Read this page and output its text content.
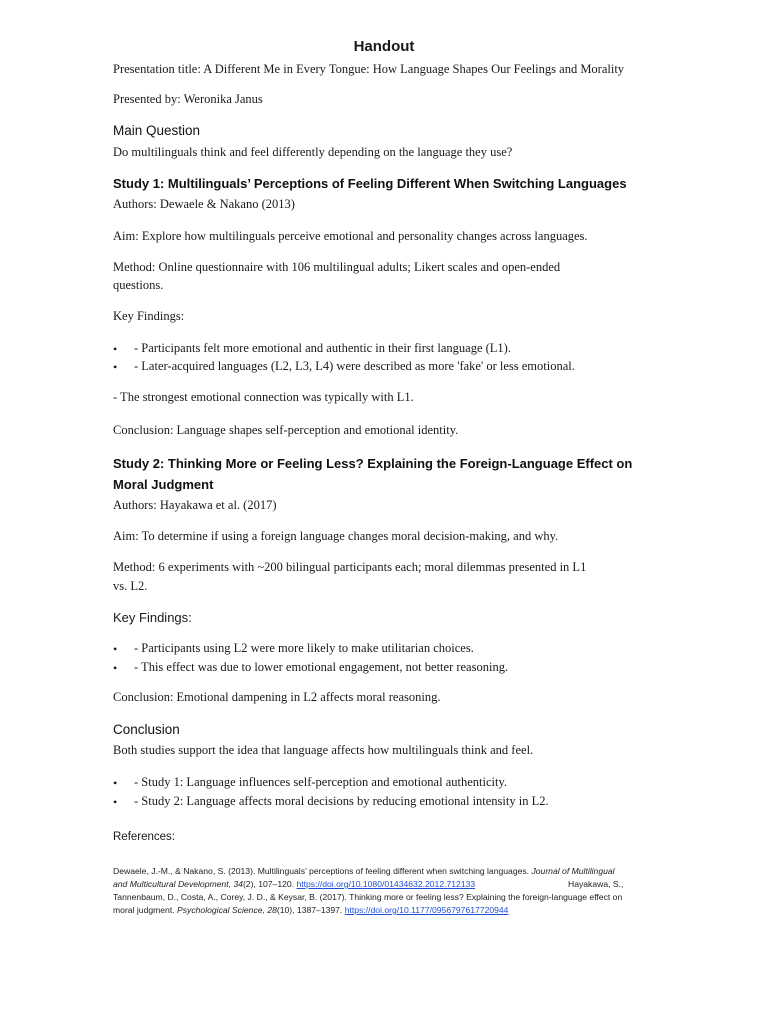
Handout
Presentation title: A Different Me in Every Tongue: How Language Shapes Our Feelings and Morality
Presented by: Weronika Janus
Main Question
Do multilinguals think and feel differently depending on the language they use?
Study 1: Multilinguals’ Perceptions of Feeling Different When Switching Languages
Authors: Dewaele & Nakano (2013)
Aim: Explore how multilinguals perceive emotional and personality changes across languages.
Method: Online questionnaire with 106 multilingual adults; Likert scales and open-ended
questions.
Key Findings:
• - Participants felt more emotional and authentic in their first language (L1).
• - Later-acquired languages (L2, L3, L4) were described as more 'fake' or less emotional.
- The strongest emotional connection was typically with L1.
Conclusion: Language shapes self-perception and emotional identity.
Study 2: Thinking More or Feeling Less? Explaining the Foreign-Language Effect on
Moral Judgment
Authors: Hayakawa et al. (2017)
Aim: To determine if using a foreign language changes moral decision-making, and why.
Method: 6 experiments with ~200 bilingual participants each; moral dilemmas presented in L1
vs. L2.
Key Findings:
• - Participants using L2 were more likely to make utilitarian choices.
• - This effect was due to lower emotional engagement, not better reasoning.
Conclusion: Emotional dampening in L2 affects moral reasoning.
Conclusion
Both studies support the idea that language affects how multilinguals think and feel.
• - Study 1: Language influences self-perception and emotional authenticity.
• - Study 2: Language affects moral decisions by reducing emotional intensity in L2.
References:
Dewaele, J.-M., & Nakano, S. (2013). Multilinguals’ perceptions of feeling different when switching languages. Journal of Multilingual
and Multicultural Development, 34(2), 107–120. https://doi.org/10.1080/01434632.2012.712133	Hayakawa, S.,
Tannenbaum, D., Costa, A., Corey, J. D., & Keysar, B. (2017). Thinking more or feeling less? Explaining the foreign-language effect on
moral judgment. Psychological Science, 28(10), 1387–1397. https://doi.org/10.1177/0956797617720944
